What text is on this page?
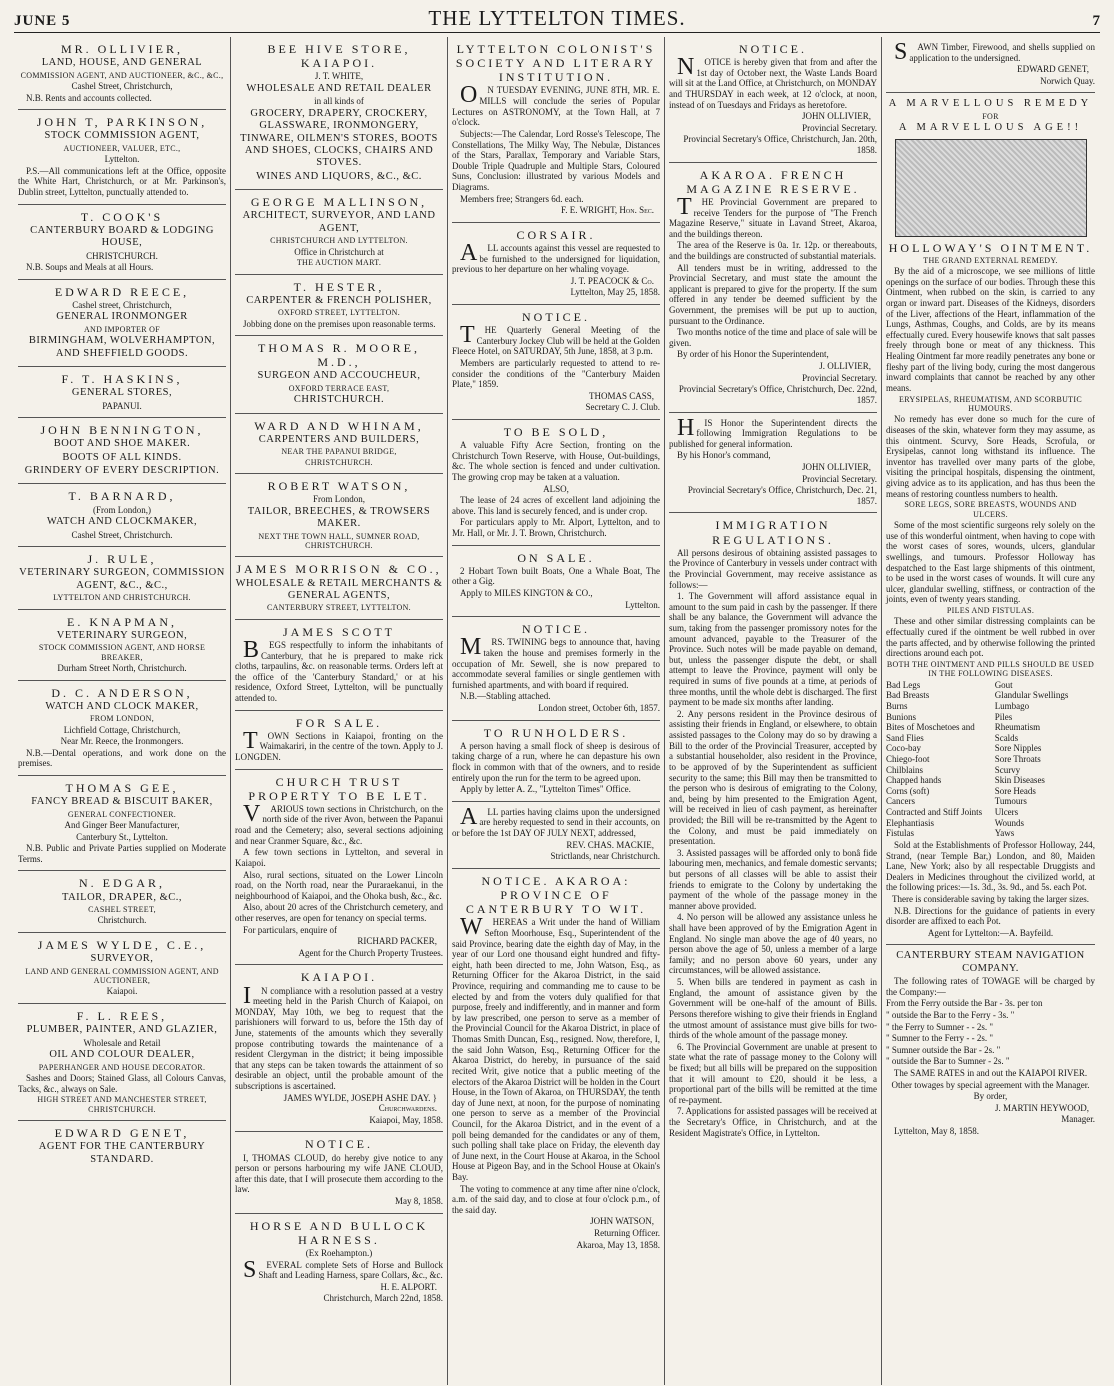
JUNE 5	THE LYTTELTON TIMES.	7

MR. OLLIVIER,

LAND, HOUSE, AND GENERAL

COMMISSION AGENT, AND AUCTIONEER, &C., &C.,

Cashel Street, Christchurch,

N.B. Rents and accounts collected.

JOHN T, PARKINSON,

STOCK COMMISSION AGENT,

AUCTIONEER, VALUER, ETC.,

Lyttelton.

P.S.—All communications left at the Office, opposite the White Hart, Christchurch, or at Mr. Parkinson's, Dublin street, Lyttelton, punctually attended to.

T. COOK'S

CANTERBURY BOARD & LODGING HOUSE,

CHRISTCHURCH.

N.B. Soups and Meals at all Hours.

EDWARD REECE,

Cashel street, Christchurch,

GENERAL IRONMONGER

AND IMPORTER OF

BIRMINGHAM, WOLVERHAMPTON, AND SHEFFIELD GOODS.

F. T. HASKINS,

GENERAL STORES,

PAPANUI.

JOHN BENNINGTON,

BOOT AND SHOE MAKER.

BOOTS OF ALL KINDS.

GRINDERY OF EVERY DESCRIPTION.

T. BARNARD,

(From London,)

WATCH AND CLOCKMAKER,

Cashel Street, Christchurch.

J. RULE,

VETERINARY SURGEON, COMMISSION AGENT, &C., &C.,

LYTTELTON AND CHRISTCHURCH.

E. KNAPMAN,

VETERINARY SURGEON,

STOCK COMMISSION AGENT, AND HORSE BREAKER,

Durham Street North, Christchurch.

D. C. ANDERSON,

WATCH AND CLOCK MAKER,

FROM LONDON,

Lichfield Cottage, Christchurch,

Near Mr. Reece, the Ironmongers.

N.B.—Dental operations, and work done on the premises.

THOMAS GEE,

FANCY BREAD & BISCUIT BAKER,

GENERAL CONFECTIONER.

And Ginger Beer Manufacturer,

Canterbury St., Lyttelton.

N.B. Public and Private Parties supplied on Moderate Terms.

N. EDGAR,

TAILOR, DRAPER, &C.,

CASHEL STREET,

Christchurch.

JAMES WYLDE, C.E.,

SURVEYOR,

LAND AND GENERAL COMMISSION AGENT, AND AUCTIONEER,

Kaiapoi.

F. L. REES,

PLUMBER, PAINTER, AND GLAZIER,

Wholesale and Retail

OIL AND COLOUR DEALER,

PAPERHANGER AND HOUSE DECORATOR.

Sashes and Doors; Stained Glass, all Colours Canvas, Tacks, &c., always on Sale.

HIGH STREET AND MANCHESTER STREET, CHRISTCHURCH.

EDWARD GENET,

AGENT FOR THE CANTERBURY STANDARD.

BEE HIVE STORE, KAIAPOI.

J. T. WHITE,

WHOLESALE AND RETAIL DEALER

in all kinds of

GROCERY, DRAPERY, CROCKERY, GLASSWARE, IRONMONGERY, TINWARE, OILMEN'S STORES, BOOTS AND SHOES, CLOCKS, CHAIRS AND STOVES.

WINES AND LIQUORS, &C., &C.

GEORGE MALLINSON,

ARCHITECT, SURVEYOR, AND LAND AGENT,

CHRISTCHURCH AND LYTTELTON.

Office in Christchurch at

THE AUCTION MART.

T. HESTER,

CARPENTER & FRENCH POLISHER,

OXFORD STREET, LYTTELTON.

Jobbing done on the premises upon reasonable terms.

THOMAS R. MOORE, M.D.,

SURGEON AND ACCOUCHEUR,

OXFORD TERRACE EAST,

CHRISTCHURCH.

WARD AND WHINAM,

CARPENTERS AND BUILDERS,

NEAR THE PAPANUI BRIDGE,

CHRISTCHURCH.

ROBERT WATSON,

From London,

TAILOR, BREECHES, & TROWSERS MAKER.

NEXT THE TOWN HALL, SUMNER ROAD, CHRISTCHURCH.

JAMES MORRISON & CO.,

WHOLESALE & RETAIL MERCHANTS & GENERAL AGENTS,

CANTERBURY STREET, LYTTELTON.

JAMES SCOTT

BEGS respectfully to inform the inhabitants of Canterbury, that he is prepared to make rick cloths, tarpaulins, &c. on reasonable terms. Orders left at the office of the 'Canterbury Standard,' or at his residence, Oxford Street, Lyttelton, will be punctually attended to.

FOR SALE.

TOWN Sections in Kaiapoi, fronting on the Waimakariri, in the centre of the town. Apply to J. LONGDEN.

CHURCH TRUST PROPERTY TO BE LET.

VARIOUS town sections in Christchurch, on the north side of the river Avon, between the Papanui road and the Cemetery; also, several sections adjoining and near Cranmer Square, &c., &c.

A few town sections in Lyttelton, and several in Kaiapoi.

Also, rural sections, situated on the Lower Lincoln road, on the North road, near the Puraraekanui, in the neighbourhood of Kaiapoi, and the Ohoka bush, &c., &c.

Also, about 20 acres of the Christchurch cemetery, and other reserves, are open for tenancy on special terms.

For particulars, enquire of

RICHARD PACKER,

Agent for the Church Property Trustees.

KAIAPOI.

IN compliance with a resolution passed at a vestry meeting held in the Parish Church of Kaiapoi, on MONDAY, May 10th, we beg to request that the parishioners will forward to us, before the 15th day of June, statements of the amounts which they severally propose contributing towards the maintenance of a resident Clergyman in the district; it being impossible that any steps can be taken towards the attainment of so desirable an object, until the probable amount of the subscriptions is ascertained.

JAMES WYLDE, JOSEPH ASHE DAY. } Churchwardens.

Kaiapoi, May, 1858.

NOTICE.

I, THOMAS CLOUD, do hereby give notice to any person or persons harbouring my wife JANE CLOUD, after this date, that I will prosecute them according to the law.

May 8, 1858.

HORSE AND BULLOCK HARNESS.

(Ex Roehampton.)

SEVERAL complete Sets of Horse and Bullock Shaft and Leading Harness, spare Collars, &c., &c.

H. E. ALPORT.

Christchurch, March 22nd, 1858.

LYTTELTON COLONIST'S SOCIETY AND LITERARY INSTITUTION.

ON TUESDAY EVENING, JUNE 8TH, MR. E. MILLS will conclude the series of Popular Lectures on ASTRONOMY, at the Town Hall, at 7 o'clock.

Subjects:—The Calendar, Lord Rosse's Telescope, The Constellations, The Milky Way, The Nebulæ, Distances of the Stars, Parallax, Temporary and Variable Stars, Double Triple Quadruple and Multiple Stars, Coloured Suns, Conclusion: illustrated by various Models and Diagrams.

Members free; Strangers 6d. each.

F. E. WRIGHT, Hon. Sec.

CORSAIR.

ALL accounts against this vessel are requested to be furnished to the undersigned for liquidation, previous to her departure on her whaling voyage.

J. T. PEACOCK & Co.

Lyttelton, May 25, 1858.

NOTICE.

THE Quarterly General Meeting of the Canterbury Jockey Club will be held at the Golden Fleece Hotel, on SATURDAY, 5th June, 1858, at 3 p.m.

Members are particularly requested to attend to re-consider the conditions of the "Canterbury Maiden Plate," 1859.

THOMAS CASS,

Secretary C. J. Club.

TO BE SOLD,

A valuable Fifty Acre Section, fronting on the Christchurch Town Reserve, with House, Out-buildings, &c. The whole section is fenced and under cultivation. The growing crop may be taken at a valuation.

ALSO,

The lease of 24 acres of excellent land adjoining the above. This land is securely fenced, and is under crop.

For particulars apply to Mr. Alport, Lyttelton, and to Mr. Hall, or Mr. J. T. Brown, Christchurch.

ON SALE.

2 Hobart Town built Boats, One a Whale Boat, The other a Gig.

Apply to MILES KINGTON & CO.,

Lyttelton.

NOTICE.

MRS. TWINING begs to announce that, having taken the house and premises formerly in the occupation of Mr. Sewell, she is now prepared to accommodate several families or single gentlemen with furnished apartments, and with board if required.

N.B.—Stabling attached.

London street, October 6th, 1857.

TO RUNHOLDERS.

A person having a small flock of sheep is desirous of taking charge of a run, where he can depasture his own flock in common with that of the owners, and to reside entirely upon the run for the term to be agreed upon.

Apply by letter A. Z., "Lyttelton Times" Office.

ALL parties having claims upon the undersigned are hereby requested to send in their accounts, on or before the 1st DAY OF JULY NEXT, addressed,

REV. CHAS. MACKIE,

Strictlands, near Christchurch.

NOTICE. AKAROA: PROVINCE OF CANTERBURY TO WIT.

WHEREAS a Writ under the hand of William Sefton Moorhouse, Esq., Superintendent of the said Province, bearing date the eighth day of May, in the year of our Lord one thousand eight hundred and fifty-eight, hath been directed to me, John Watson, Esq., as Returning Officer for the Akaroa District, in the said Province, requiring and commanding me to cause to be elected by and from the voters duly qualified for that purpose, freely and indifferently, and in manner and form by law prescribed, one person to serve as a member of the Provincial Council for the Akaroa District, in place of Thomas Smith Duncan, Esq., resigned. Now, therefore, I, the said John Watson, Esq., Returning Officer for the Akaroa District, do hereby, in pursuance of the said recited Writ, give notice that a public meeting of the electors of the Akaroa District will be holden in the Court House, in the Town of Akaroa, on THURSDAY, the tenth day of June next, at noon, for the purpose of nominating one person to serve as a member of the Provincial Council, for the Akaroa District, and in the event of a poll being demanded for the candidates or any of them, such polling shall take place on Friday, the eleventh day of June next, in the Court House at Akaroa, in the School House at Pigeon Bay, and in the School House at Okain's Bay.

The voting to commence at any time after nine o'clock, a.m. of the said day, and to close at four o'clock p.m., of the said day.

JOHN WATSON,

Returning Officer.

Akaroa, May 13, 1858.

NOTICE.

NOTICE is hereby given that from and after the 1st day of October next, the Waste Lands Board will sit at the Land Office, at Christchurch, on MONDAY and THURSDAY in each week, at 12 o'clock, at noon, instead of on Tuesdays and Fridays as heretofore.

JOHN OLLIVIER,

Provincial Secretary.

Provincial Secretary's Office, Christchurch, Jan. 20th, 1858.

AKAROA. FRENCH MAGAZINE RESERVE.

THE Provincial Government are prepared to receive Tenders for the purpose of "The French Magazine Reserve," situate in Lavand Street, Akaroa, and the buildings thereon.

The area of the Reserve is 0a. 1r. 12p. or thereabouts, and the buildings are constructed of substantial materials.

All tenders must be in writing, addressed to the Provincial Secretary, and must state the amount the applicant is prepared to give for the property. If the sum offered in any tender be deemed sufficient by the Government, the premises will be put up to auction, pursuant to the Ordinance.

Two months notice of the time and place of sale will be given.

By order of his Honor the Superintendent,

J. OLLIVIER,

Provincial Secretary.

Provincial Secretary's Office, Christchurch, Dec. 22nd, 1857.

HIS Honor the Superintendent directs the following Immigration Regulations to be published for general information.

By his Honor's command,

JOHN OLLIVIER,

Provincial Secretary.

Provincial Secretary's Office, Christchurch, Dec. 21, 1857.

IMMIGRATION REGULATIONS.

All persons desirous of obtaining assisted passages to the Province of Canterbury in vessels under contract with the Provincial Government, may receive assistance as follows:—

1. The Government will afford assistance equal in amount to the sum paid in cash by the passenger. If there shall be any balance, the Government will advance the sum, taking from the passenger promissory notes for the amount advanced, payable to the Treasurer of the Province. Such notes will be made payable on demand, but, unless the passenger dispute the debt, or shall attempt to leave the Province, payment will only be required in sums of five pounds at a time, at periods of three months, until the whole debt is discharged. The first payment to be made six months after landing.

2. Any persons resident in the Province desirous of assisting their friends in England, or elsewhere, to obtain assisted passages to the Colony may do so by drawing a Bill to the order of the Provincial Treasurer, accepted by a substantial householder, also resident in the Province, to be approved of by the Superintendent as sufficient security to the same; this Bill may then be transmitted to the person who is desirous of emigrating to the Colony, and, being by him presented to the Emigration Agent, will be received in lieu of cash payment, as hereinafter provided; the Bill will be re-transmitted by the Agent to the Colony, and must be paid immediately on presentation.

3. Assisted passages will be afforded only to bonâ fide labouring men, mechanics, and female domestic servants; but persons of all classes will be able to assist their friends to emigrate to the Colony by undertaking the payment of the whole of the passage money in the manner above provided.

4. No person will be allowed any assistance unless he shall have been approved of by the Emigration Agent in England. No single man above the age of 40 years, no person above the age of 50, unless a member of a large family; and no person above 60 years, under any circumstances, will be allowed assistance.

5. When bills are tendered in payment as cash in England, the amount of assistance given by the Government will be one-half of the amount of Bills. Persons therefore wishing to give their friends in England the utmost amount of assistance must give bills for two-thirds of the whole amount of the passage money.

6. The Provincial Government are unable at present to state what the rate of passage money to the Colony will be fixed; but all bills will be prepared on the supposition that it will amount to £20, should it be less, a proportional part of the bills will be remitted at the time of re-payment.

7. Applications for assisted passages will be received at the Secretary's Office, in Christchurch, and at the Resident Magistrate's Office, in Lyttelton.

SAWN Timber, Firewood, and shells supplied on application to the undersigned.

EDWARD GENET,

Norwich Quay.

A MARVELLOUS REMEDY

FOR

A MARVELLOUS AGE!!

HOLLOWAY'S OINTMENT.

THE GRAND EXTERNAL REMEDY.

By the aid of a microscope, we see millions of little openings on the surface of our bodies. Through these this Ointment, when rubbed on the skin, is carried to any organ or inward part. Diseases of the Kidneys, disorders of the Liver, affections of the Heart, inflammation of the Lungs, Asthmas, Coughs, and Colds, are by its means effectually cured. Every housewife knows that salt passes freely through bone or meat of any thickness. This Healing Ointment far more readily penetrates any bone or fleshy part of the living body, curing the most dangerous inward complaints that cannot be reached by any other means.

ERYSIPELAS, RHEUMATISM, AND SCORBUTIC HUMOURS.

No remedy has ever done so much for the cure of diseases of the skin, whatever form they may assume, as this ointment. Scurvy, Sore Heads, Scrofula, or Erysipelas, cannot long withstand its influence. The inventor has travelled over many parts of the globe, visiting the principal hospitals, dispensing the ointment, giving advice as to its application, and has thus been the means of restoring countless numbers to health.

SORE LEGS, SORE BREASTS, WOUNDS AND ULCERS.

Some of the most scientific surgeons rely solely on the use of this wonderful ointment, when having to cope with the worst cases of sores, wounds, ulcers, glandular swellings, and tumours. Professor Holloway has despatched to the East large shipments of this ointment, to be used in the worst cases of wounds. It will cure any ulcer, glandular swelling, stiffness, or contraction of the joints, even of twenty years standing.

PILES AND FISTULAS.

These and other similar distressing complaints can be effectually cured if the ointment be well rubbed in over the parts affected, and by otherwise following the printed directions around each pot.

BOTH THE OINTMENT AND PILLS SHOULD BE USED IN THE FOLLOWING DISEASES.

Bad Legs
Bad Breasts
Burns
Bunions
Bites of Moschetoes and Sand Flies
Coco-bay
Chiego-foot
Chilblains
Chapped hands
Corns (soft)
Cancers
Contracted and Stiff Joints
Elephantiasis
Fistulas
Gout
Glandular Swellings
Lumbago
Piles
Rheumatism
Scalds
Sore Nipples
Sore Throats
Scurvy
Skin Diseases
Sore Heads
Tumours
Ulcers
Wounds
Yaws

Sold at the Establishments of Professor Holloway, 244, Strand, (near Temple Bar,) London, and 80, Maiden Lane, New York; also by all respectable Druggists and Dealers in Medicines throughout the civilized world, at the following prices:—1s. 3d., 3s. 9d., and 5s. each Pot.

There is considerable saving by taking the larger sizes.

N.B. Directions for the guidance of patients in every disorder are affixed to each Pot.

Agent for Lyttelton:—A. Bayfeild.

CANTERBURY STEAM NAVIGATION COMPANY.

The following rates of TOWAGE will be charged by the Company:—

From the Ferry outside the Bar - 3s. per ton

" outside the Bar to the Ferry - 3s. "

" the Ferry to Sumner - - 2s. "

" Sumner to the Ferry - - 2s. "

" Sumner outside the Bar - 2s. "

" outside the Bar to Sumner - 2s. "

The SAME RATES in and out the KAIAPOI RIVER.

Other towages by special agreement with the Manager.

By order,

J. MARTIN HEYWOOD,

Manager.

Lyttelton, May 8, 1858.
